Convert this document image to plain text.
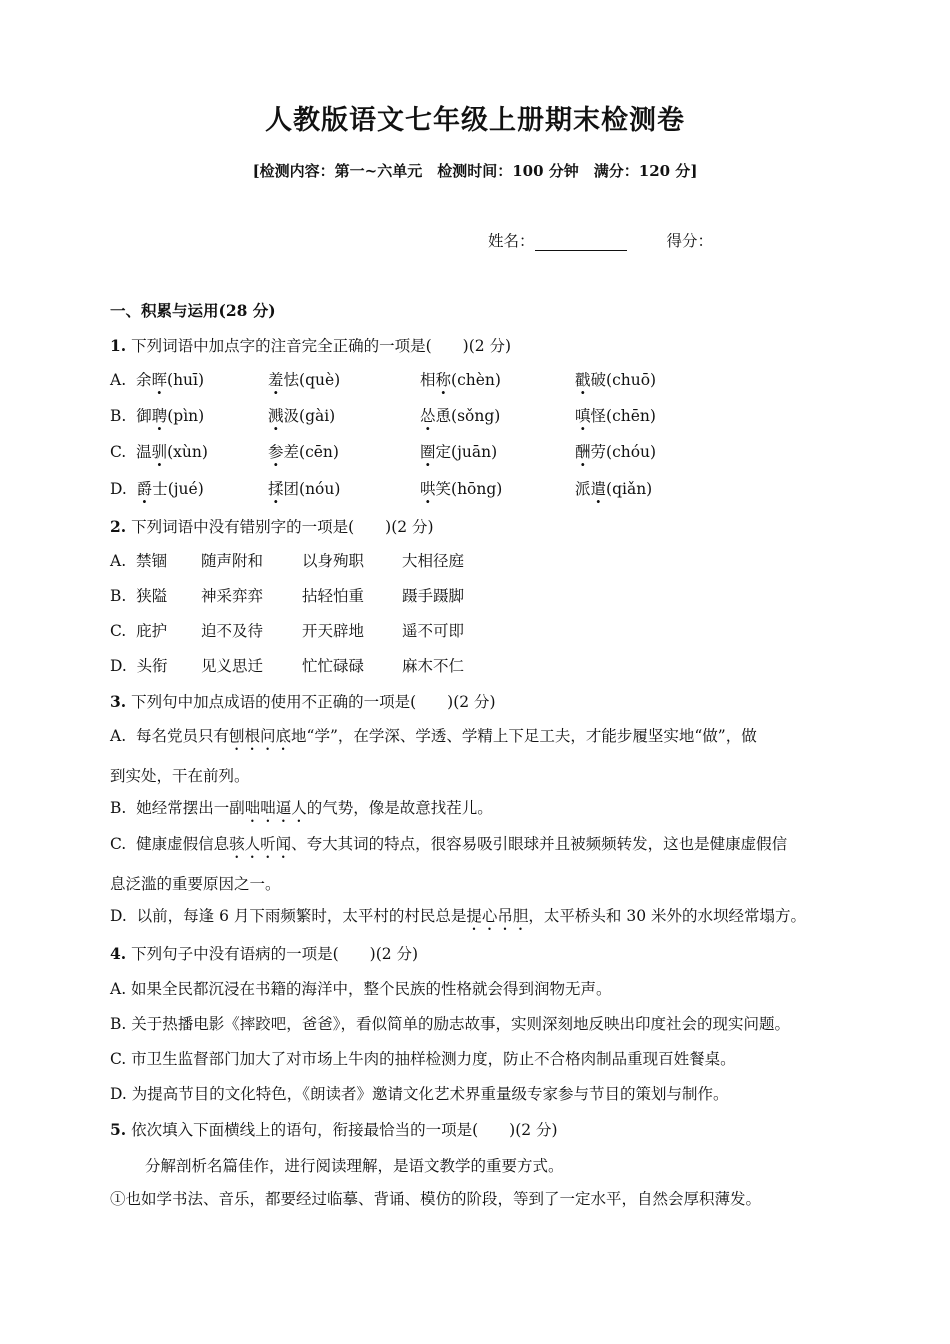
人教版语文七年级上册期末检测卷
[检测内容：第一~六单元　检测时间：100 分钟　满分：120 分]
姓名：	得分：
一、积累与运用(28 分)
1. 下列词语中加点字的注音完全正确的一项是(　　)(2 分)
A. 余晖(huī)	羞怯(què)	相称(chèn)	戳破(chuō)
B. 御聘(pìn)	溅汲(gài)	怂恿(sǒng)	嗔怪(chēn)
C. 温驯(xùn)	参差(cēn)	圈定(juān)	酬劳(chóu)
D. 爵士(jué)	揉团(nóu)	哄笑(hōng)	派遣(qiǎn)
2. 下列词语中没有错别字的一项是(　　)(2 分)
A. 禁锢 随声附和	以身殉职 大相径庭
B. 狭隘 神采弈弈	拈轻怕重 蹑手蹑脚
C. 庇护 迫不及待	开天辟地 遥不可即
D. 头衔 见义思迁	忙忙碌碌 麻木不仁
3. 下列句中加点成语的使用不正确的一项是(　　)(2 分)
A. 每名党员只有刨根问底地“学”，在学深、学透、学精上下足工夫，才能步履坚实地“做”，做
到实处，干在前列。
B. 她经常摆出一副咄咄逼人的气势，像是故意找茬儿。
C. 健康虚假信息骇人听闻、夸大其词的特点，很容易吸引眼球并且被频频转发，这也是健康虚假信
息泛滥的重要原因之一。
D. 以前，每逢 6 月下雨频繁时，太平村的村民总是提心吊胆，太平桥头和 30 米外的水坝经常塌方。
4. 下列句子中没有语病的一项是(　　)(2 分)
A. 如果全民都沉浸在书籍的海洋中，整个民族的性格就会得到润物无声。
B. 关于热播电影《摔跤吧，爸爸》，看似简单的励志故事，实则深刻地反映出印度社会的现实问题。
C. 市卫生监督部门加大了对市场上牛肉的抽样检测力度，防止不合格肉制品重现百姓餐桌。
D. 为提高节目的文化特色，《朗读者》邀请文化艺术界重量级专家参与节目的策划与制作。
5. 依次填入下面横线上的语句，衔接最恰当的一项是(　　)(2 分)
分解剖析名篇佳作，进行阅读理解，是语文教学的重要方式。
①也如学书法、音乐，都要经过临摹、背诵、模仿的阶段，等到了一定水平，自然会厚积薄发。
